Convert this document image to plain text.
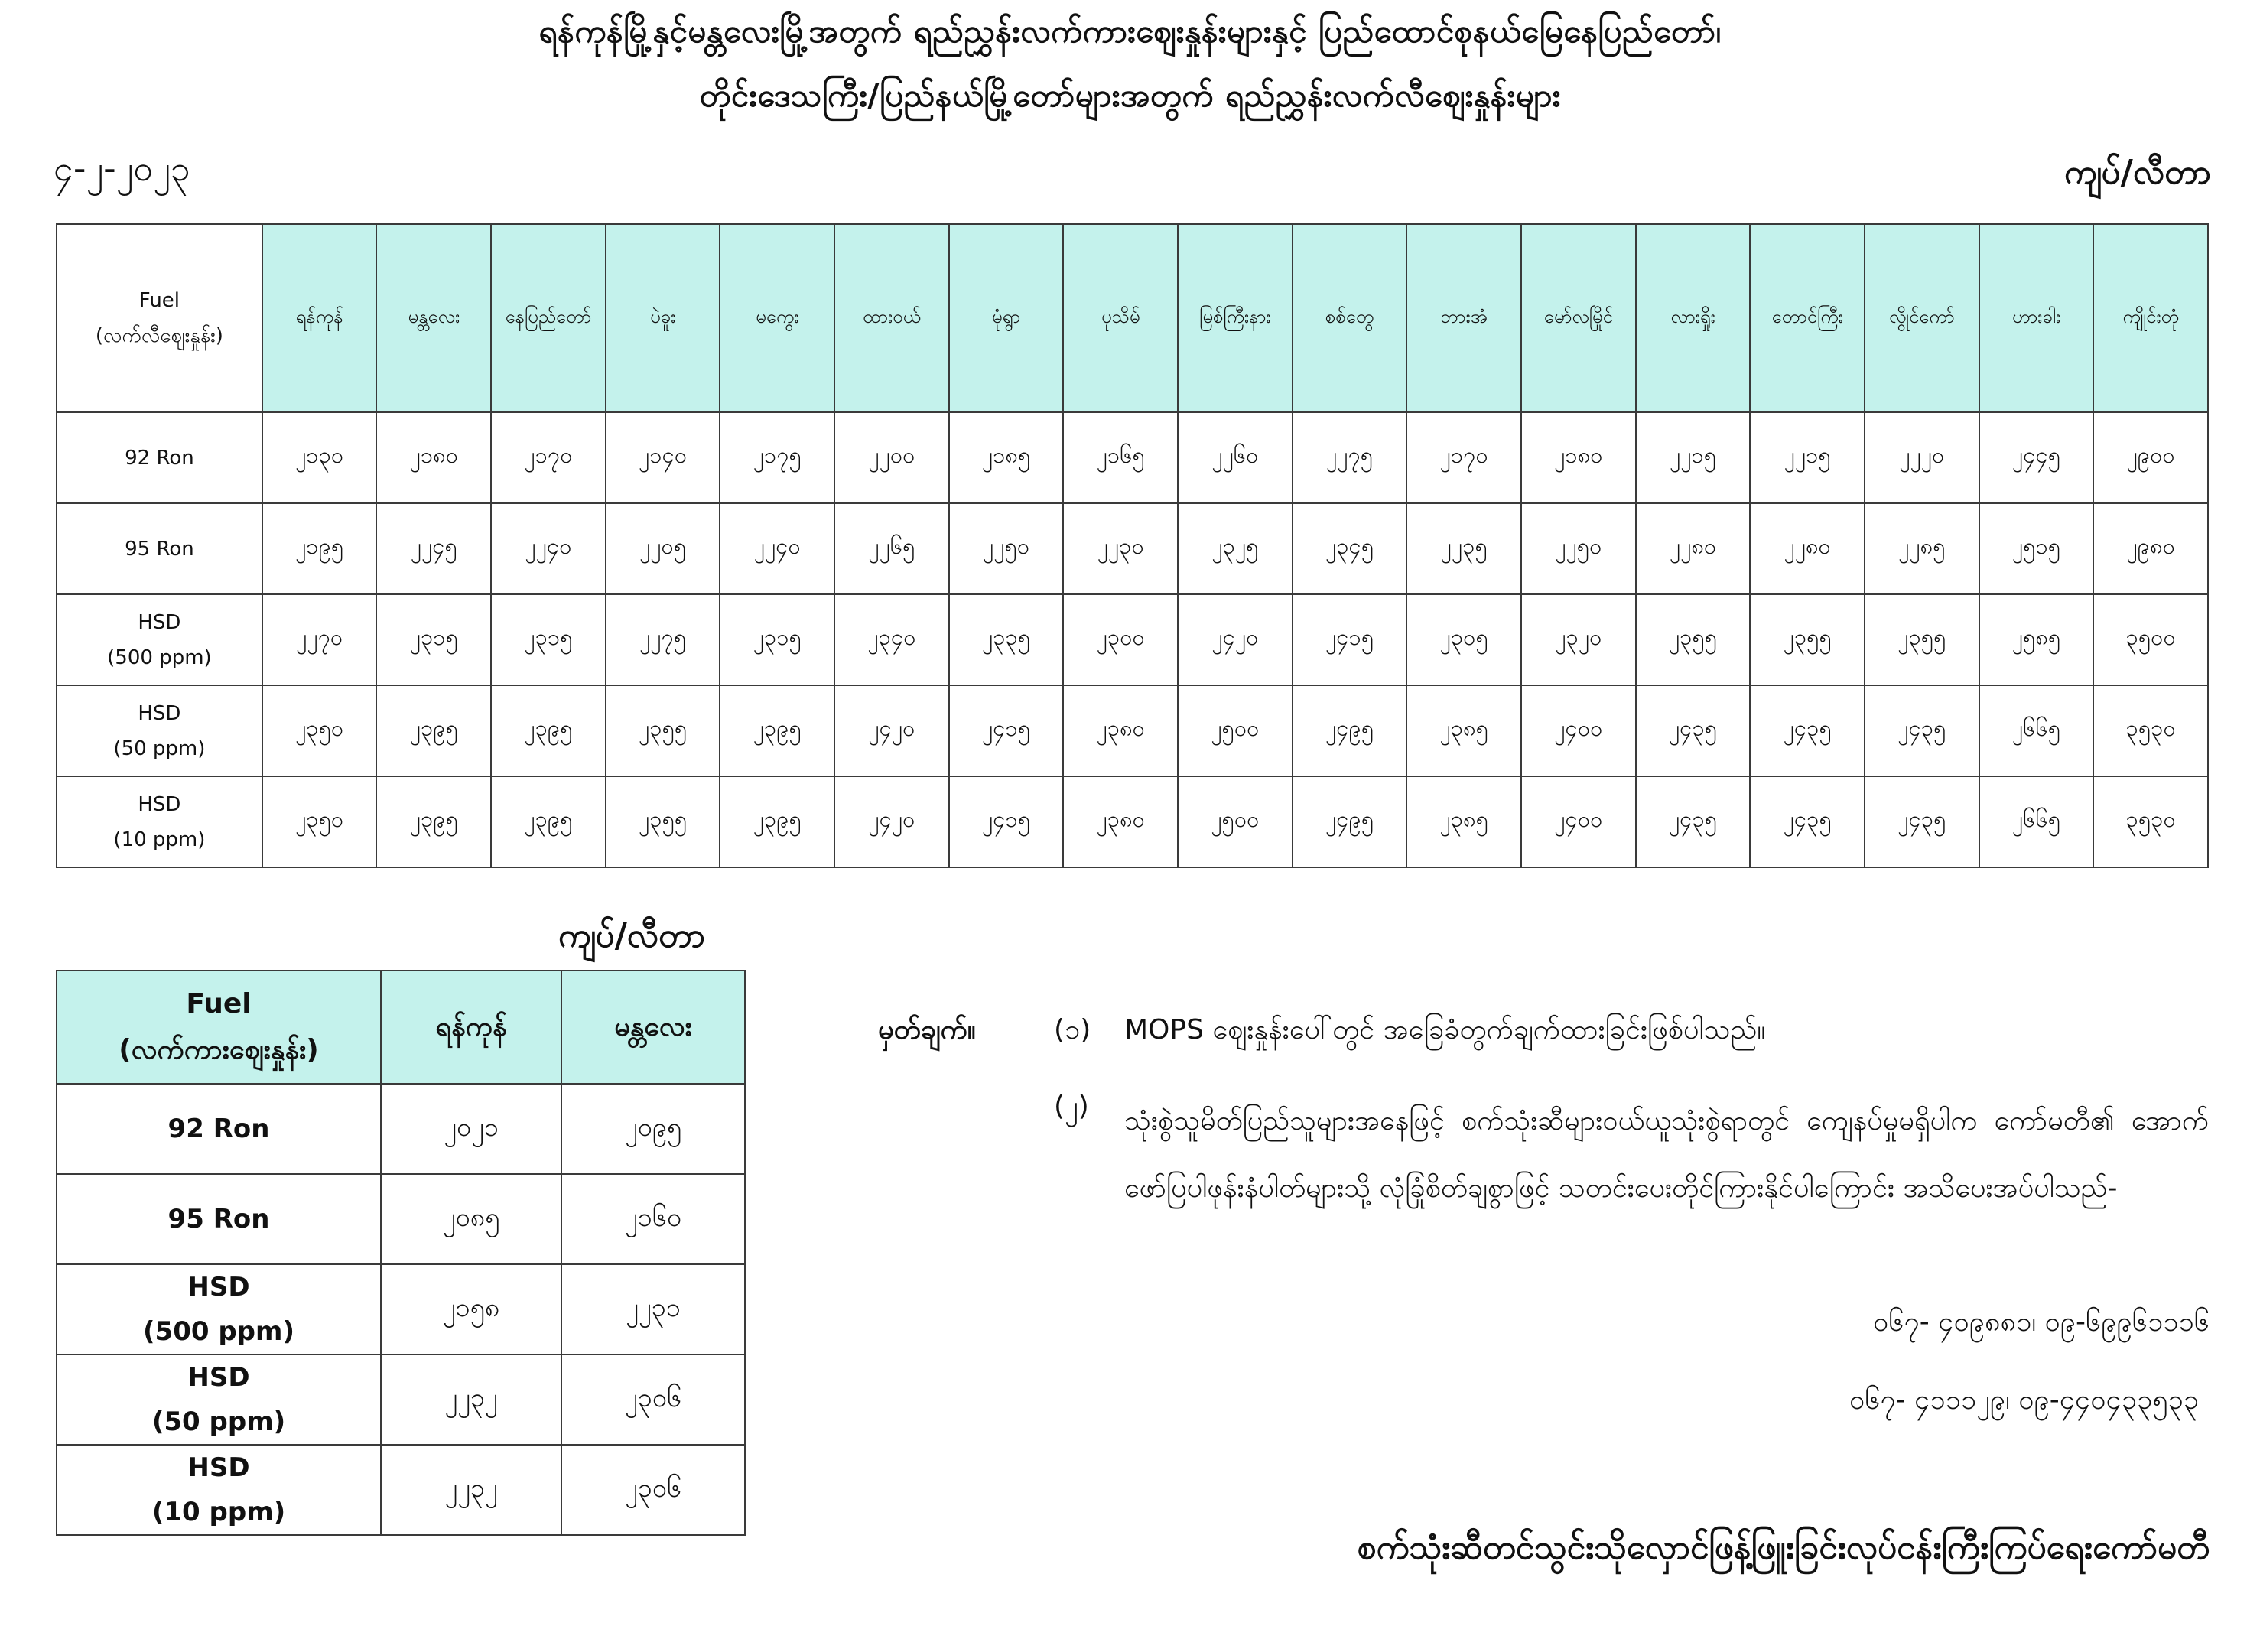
ရန်ကုန်မြို့နှင့်မန္တလေးမြို့အတွက် ရည်ညွှန်းလက်ကားဈေးနှုန်းများနှင့် ပြည်ထောင်စုနယ်မြေနေပြည်တော်၊
တိုင်းဒေသကြီး/ပြည်နယ်မြို့တော်များအတွက် ရည်ညွှန်းလက်လီဈေးနှုန်းများ
၄-၂-၂၀၂၃	ကျပ်/လီတာ
Fuel
(လက်လီဈေးနှုန်း)	ရန်ကုန်	မန္တလေး	နေပြည်တော်	ပဲခူး	မကွေး	ထားဝယ်	မုံရွာ	ပုသိမ်	မြစ်ကြီးနား	စစ်တွေ	ဘားအံ	မော်လမြိုင်	လားရှိုး	တောင်ကြီး	လွိုင်ကော်	ဟားခါး	ကျိုင်းတုံ

92 Ron	၂၁၃၀	၂၁၈၀	၂၁၇၀	၂၁၄၀	၂၁၇၅	၂၂၀၀	၂၁၈၅	၂၁၆၅	၂၂၆၀	၂၂၇၅	၂၁၇၀	၂၁၈၀	၂၂၁၅	၂၂၁၅	၂၂၂၀	၂၄၄၅	၂၉၀၀

95 Ron	၂၁၉၅	၂၂၄၅	၂၂၄၀	၂၂၀၅	၂၂၄၀	၂၂၆၅	၂၂၅၀	၂၂၃၀	၂၃၂၅	၂၃၄၅	၂၂၃၅	၂၂၅၀	၂၂၈၀	၂၂၈၀	၂၂၈၅	၂၅၁၅	၂၉၈၀

HSD
(500 ppm)	၂၂၇၀	၂၃၁၅	၂၃၁၅	၂၂၇၅	၂၃၁၅	၂၃၄၀	၂၃၃၅	၂၃၀၀	၂၄၂၀	၂၄၁၅	၂၃၀၅	၂၃၂၀	၂၃၅၅	၂၃၅၅	၂၃၅၅	၂၅၈၅	၃၅၀၀

HSD
(50 ppm)	၂၃၅၀	၂၃၉၅	၂၃၉၅	၂၃၅၅	၂၃၉၅	၂၄၂၀	၂၄၁၅	၂၃၈၀	၂၅၀၀	၂၄၉၅	၂၃၈၅	၂၄၀၀	၂၄၃၅	၂၄၃၅	၂၄၃၅	၂၆၆၅	၃၅၃၀

HSD
(10 ppm)	၂၃၅၀	၂၃၉၅	၂၃၉၅	၂၃၅၅	၂၃၉၅	၂၄၂၀	၂၄၁၅	၂၃၈၀	၂၅၀၀	၂၄၉၅	၂၃၈၅	၂၄၀၀	၂၄၃၅	၂၄၃၅	၂၄၃၅	၂၆၆၅	၃၅၃၀
ကျပ်/လီတာ
Fuel
(လက်ကားဈေးနှုန်း)	ရန်ကုန်	မန္တလေး

92 Ron	၂၀၂၁	၂၀၉၅

95 Ron	၂၀၈၅	၂၁၆၀

HSD
(500 ppm)	၂၁၅၈	၂၂၃၁

HSD
(50 ppm)	၂၂၃၂	၂၃၀၆

HSD
(10 ppm)	၂၂၃၂	၂၃၀၆
မှတ်ချက်။	(၁) MOPS ဈေးနှုန်းပေါ်တွင် အခြေခံတွက်ချက်ထားခြင်းဖြစ်ပါသည်။
(၂) သုံးစွဲသူမိတ်ပြည်သူများအနေဖြင့် စက်သုံးဆီများဝယ်ယူသုံးစွဲရာတွင် ကျေနပ်မှုမရှိပါက ကော်မတီ၏ အောက်ဖော်ပြပါဖုန်းနံပါတ်များသို့ လုံခြုံစိတ်ချစွာဖြင့် သတင်းပေးတိုင်ကြားနိုင်ပါကြောင်း အသိပေးအပ်ပါသည်-
၀၆၇- ၄၀၉၈၈၁၊ ၀၉-၆၉၉၆၁၁၁၆
၀၆၇- ၄၁၁၁၂၉၊ ၀၉-၄၄၀၄၃၃၅၃၃
စက်သုံးဆီတင်သွင်းသိုလှောင်ဖြန့်ဖြူးခြင်းလုပ်ငန်းကြီးကြပ်ရေးကော်မတီ
